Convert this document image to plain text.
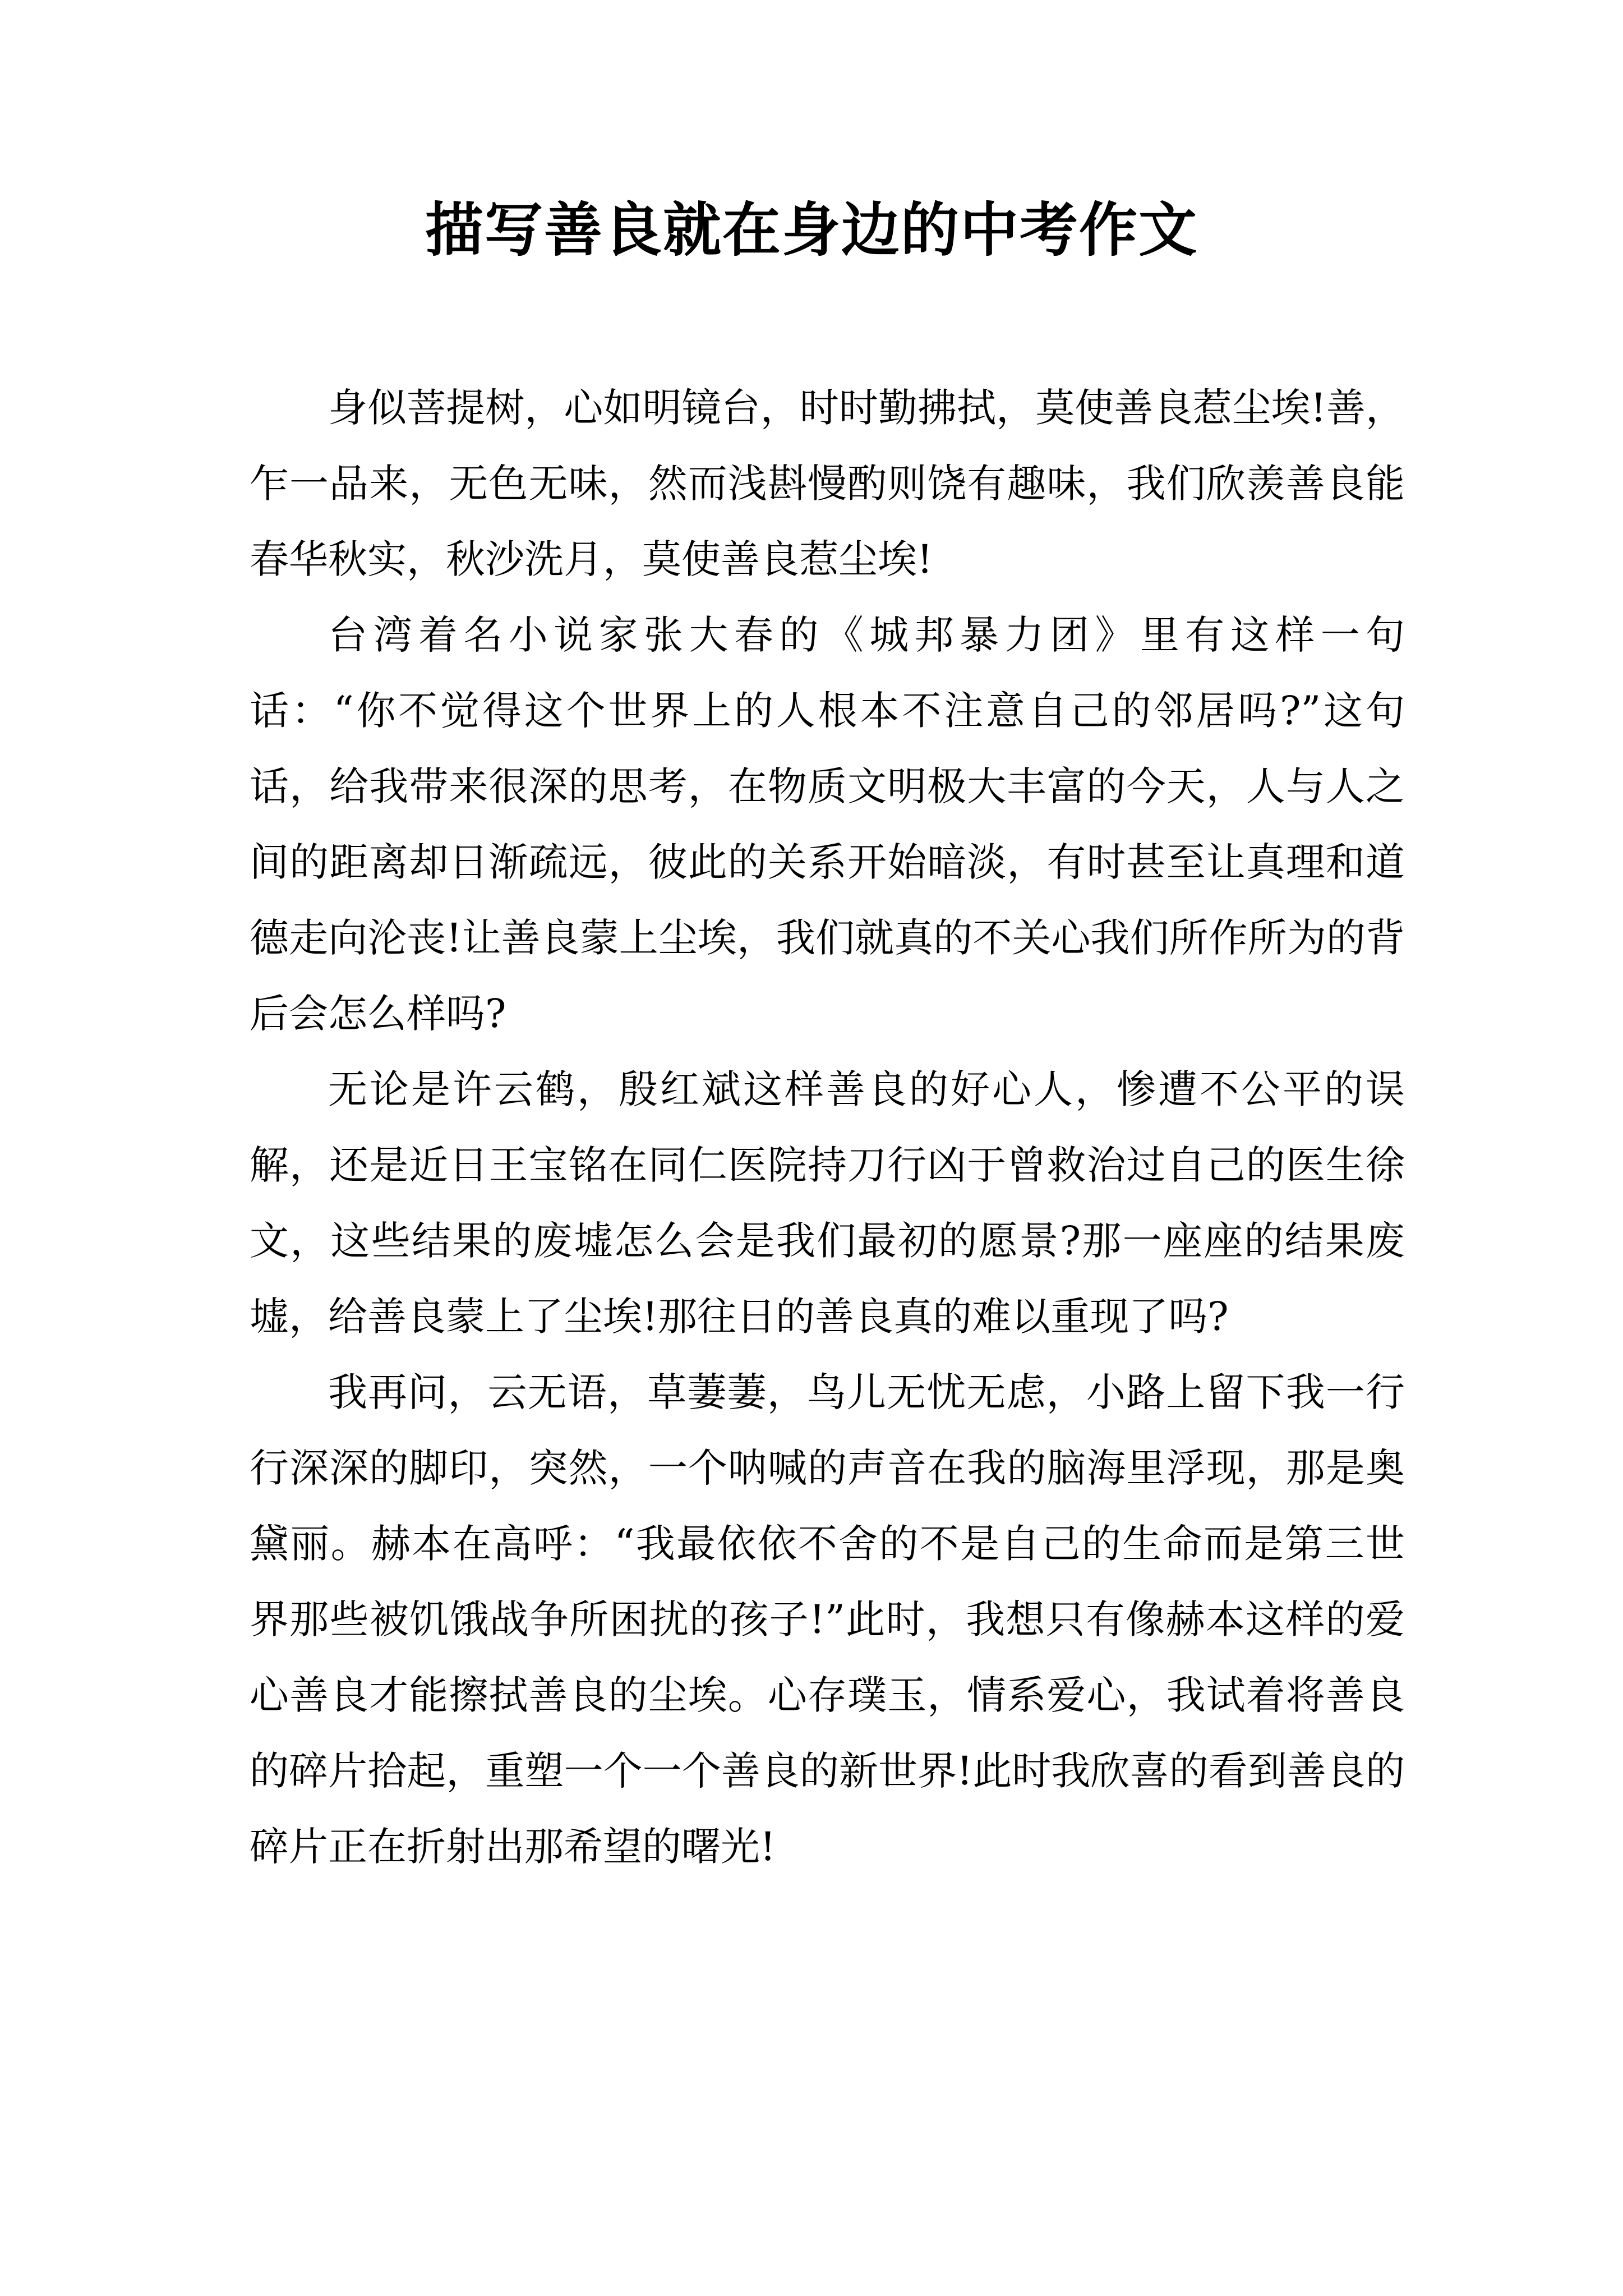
描写善良就在身边的中考作文

身似菩提树，心如明镜台，时时勤拂拭，莫使善良惹尘埃!善，乍一品来，无色无味，然而浅斟慢酌则饶有趣味，我们欣羡善良能春华秋实，秋沙洗月，莫使善良惹尘埃!

台湾着名小说家张大春的《城邦暴力团》里有这样一句话：“你不觉得这个世界上的人根本不注意自己的邻居吗?”这句话，给我带来很深的思考，在物质文明极大丰富的今天，人与人之间的距离却日渐疏远，彼此的关系开始暗淡，有时甚至让真理和道德走向沦丧!让善良蒙上尘埃，我们就真的不关心我们所作所为的背后会怎么样吗?

无论是许云鹤，殷红斌这样善良的好心人，惨遭不公平的误解，还是近日王宝铭在同仁医院持刀行凶于曾救治过自己的医生徐文，这些结果的废墟怎么会是我们最初的愿景?那一座座的结果废墟，给善良蒙上了尘埃!那往日的善良真的难以重现了吗?

我再问，云无语，草萋萋，鸟儿无忧无虑，小路上留下我一行行深深的脚印，突然，一个呐喊的声音在我的脑海里浮现，那是奥黛丽。赫本在高呼：“我最依依不舍的不是自己的生命而是第三世界那些被饥饿战争所困扰的孩子!”此时，我想只有像赫本这样的爱心善良才能擦拭善良的尘埃。心存璞玉，情系爱心，我试着将善良的碎片拾起，重塑一个一个善良的新世界!此时我欣喜的看到善良的碎片正在折射出那希望的曙光!
